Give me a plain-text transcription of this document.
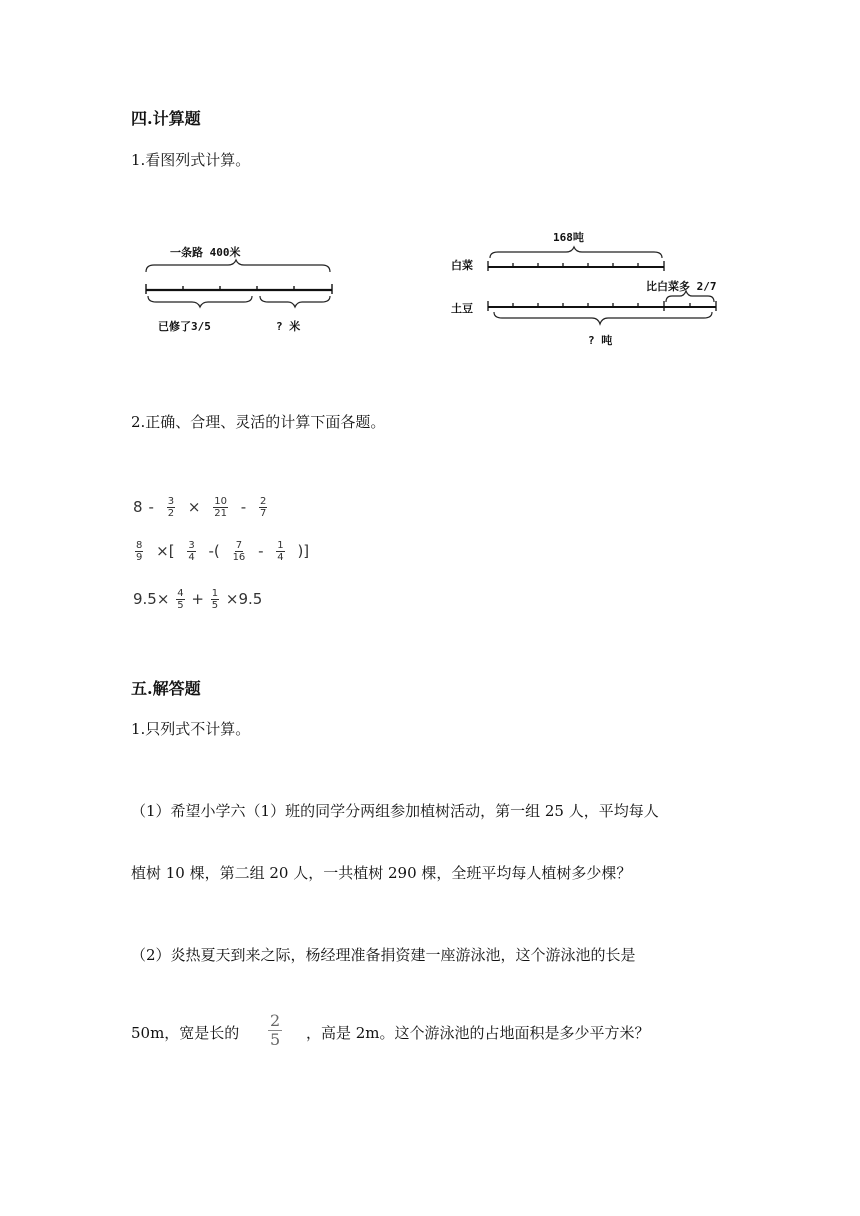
四.计算题
1.看图列式计算。
一条路 400米
已修了3/5	? 米
168吨
白菜
土豆
比白菜多 2/7
? 吨
2.正确、合理、灵活的计算下面各题。
$8 - \frac{3}{2} \times \frac{10}{21} - \frac{2}{7}$
$\frac{8}{9}$ ×[ $\frac{3}{4}$ -( $\frac{7}{16} - \frac{1}{4}$ )]
$9.5\times \frac{4}{5} + \frac{1}{5} \times 9.5$
五.解答题
1.只列式不计算。
（1）希望小学六（1）班的同学分两组参加植树活动，第一组 25 人，平均每人
植树 10 棵，第二组 20 人，一共植树 290 棵，全班平均每人植树多少棵？
（2）炎热夏天到来之际，杨经理准备捐资建一座游泳池，这个游泳池的长是
50m，宽是长的
2
5 ，高是 2m。这个游泳池的占地面积是多少平方米？
